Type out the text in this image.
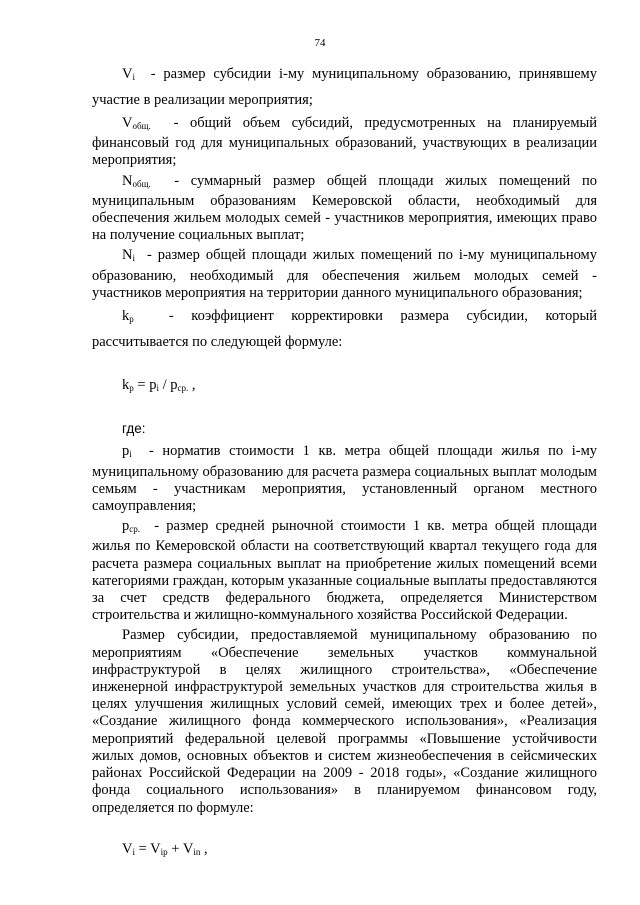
74

$V_i$  - размер субсидии i-му муниципальному образованию, принявшему участие в реализации мероприятия;

$V_{общ.}$  - общий объем субсидий, предусмотренных на планируемый финансовый год для муниципальных образований, участвующих в реализации мероприятия;

$N_{общ.}$  - суммарный размер общей площади жилых помещений по муниципальным образованиям Кемеровской области, необходимый для обеспечения жильем молодых семей - участников мероприятия, имеющих право на получение социальных выплат;

$N_i$  - размер общей площади жилых помещений по i-му муниципальному образованию, необходимый для обеспечения жильем молодых семей - участников мероприятия на территории данного муниципального образования;

$k_p$  - коэффициент корректировки размера субсидии, который рассчитывается по следующей формуле:

$k_p = p_i / p_{ср.}$ ,
где:

$p_i$  - норматив стоимости 1 кв. метра общей площади жилья по i-му муниципальному образованию для расчета размера социальных выплат молодым семьям - участникам мероприятия, установленный органом местного самоуправления;

$p_{ср.}$  - размер средней рыночной стоимости 1 кв. метра общей площади жилья по Кемеровской области на соответствующий квартал текущего года для расчета размера социальных выплат на приобретение жилых помещений всеми категориями граждан, которым указанные социальные выплаты предоставляются за счет средств федерального бюджета, определяется Министерством строительства и жилищно-коммунального хозяйства Российской Федерации.

Размер субсидии, предоставляемой муниципальному образованию по мероприятиям «Обеспечение земельных участков коммунальной инфраструктурой в целях жилищного строительства», «Обеспечение инженерной инфраструктурой земельных участков для строительства жилья в целях улучшения жилищных условий семей, имеющих трех и более детей», «Создание жилищного фонда коммерческого использования», «Реализация мероприятий федеральной целевой программы «Повышение устойчивости жилых домов, основных объектов и систем жизнеобеспечения в сейсмических районах Российской Федерации на 2009 - 2018 годы», «Создание жилищного фонда социального использования» в планируемом финансовом году, определяется по формуле:

$V_i = V_{ip} + V_{in}$ ,
